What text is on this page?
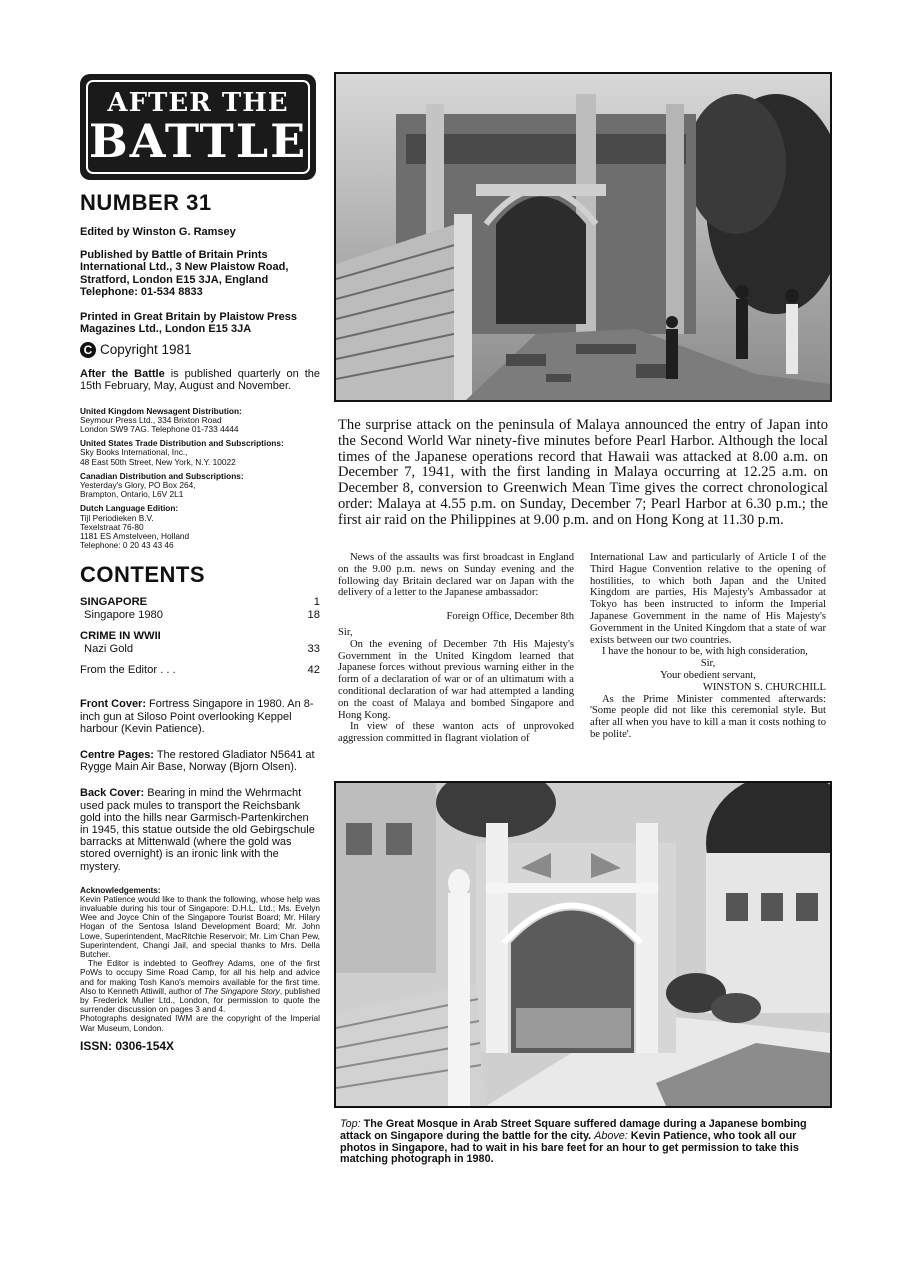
AFTER THE
BATTLE
NUMBER 31
Edited by Winston G. Ramsey
Published by Battle of Britain Prints International Ltd., 3 New Plaistow Road, Stratford, London E15 3JA, England Telephone: 01-534 8833
Printed in Great Britain by Plaistow Press Magazines Ltd., London E15 3JA
C Copyright 1981
After the Battle is published quarterly on the 15th February, May, August and November.
United Kingdom Newsagent Distribution:
Seymour Press Ltd., 334 Brixton Road
London SW9 7AG. Telephone 01-733 4444
United States Trade Distribution and Subscriptions:
Sky Books International, Inc.,
48 East 50th Street, New York, N.Y. 10022
Canadian Distribution and Subscriptions:
Yesterday's Glory, PO Box 264,
Brampton, Ontario, L6V 2L1
Dutch Language Edition:
Tijl Periodieken B.V.
Texelstraat 76-80
1181 ES Amstelveen, Holland
Telephone: 0 20 43 43 46
CONTENTS
SINGAPORE	1
Singapore 1980	18
CRIME IN WWII
Nazi Gold	33
From the Editor . . .	42
Front Cover: Fortress Singapore in 1980. An 8-inch gun at Siloso Point overlooking Keppel harbour (Kevin Patience).
Centre Pages: The restored Gladiator N5641 at Rygge Main Air Base, Norway (Bjorn Olsen).
Back Cover: Bearing in mind the Wehrmacht used pack mules to transport the Reichsbank gold into the hills near Garmisch-Partenkirchen in 1945, this statue outside the old Gebirgschule barracks at Mittenwald (where the gold was stored overnight) is an ironic link with the mystery.
Acknowledgements:

Kevin Patience would like to thank the following, whose help was invaluable during his tour of Singapore: D.H.L. Ltd.; Ms. Evelyn Wee and Joyce Chin of the Singapore Tourist Board; Mr. Hilary Hogan of the Sentosa Island Development Board; Mr. John Lowe, Superintendent, MacRitchie Reservoir; Mr. Lim Chan Pew, Superintendent, Changi Jail, and special thanks to Mrs. Della Butcher.

The Editor is indebted to Geoffrey Adams, one of the first PoWs to occupy Sime Road Camp, for all his help and advice and for making Tosh Kano's memoirs available for the first time. Also to Kenneth Attiwill, author of The Singapore Story, published by Frederick Muller Ltd., London, for permission to quote the surrender discussion on pages 3 and 4.

Photographs designated IWM are the copyright of the Imperial War Museum, London.

ISSN: 0306-154X
The surprise attack on the peninsula of Malaya announced the entry of Japan into the Second World War ninety-five minutes before Pearl Harbor. Although the local times of the Japanese operations record that Hawaii was attacked at 8.00 a.m. on December 7, 1941, with the first landing in Malaya occurring at 12.25 a.m. on December 8, conversion to Greenwich Mean Time gives the correct chronological order: Malaya at 4.55 p.m. on Sunday, December 7; Pearl Harbor at 6.30 p.m.; the first air raid on the Philippines at 9.00 p.m. and on Hong Kong at 11.30 p.m.

News of the assaults was first broadcast in England on the 9.00 p.m. news on Sunday evening and the following day Britain declared war on Japan with the delivery of a letter to the Japanese ambassador:

Foreign Office, December 8th

Sir,

On the evening of December 7th His Majesty's Government in the United Kingdom learned that Japanese forces without previous warning either in the form of a declaration of war or of an ultimatum with a conditional declaration of war had attempted a landing on the coast of Malaya and bombed Singapore and Hong Kong.

In view of these wanton acts of unprovoked aggression committed in flagrant violation of

International Law and particularly of Article I of the Third Hague Convention relative to the opening of hostilities, to which both Japan and the United Kingdom are parties, His Majesty's Ambassador at Tokyo has been instructed to inform the Imperial Japanese Government in the name of His Majesty's Government in the United Kingdom that a state of war exists between our two countries.

I have the honour to be, with high consideration,

Sir,

Your obedient servant,

WINSTON S. CHURCHILL

As the Prime Minister commented afterwards: 'Some people did not like this ceremonial style. But after all when you have to kill a man it costs nothing to be polite'.

Top: The Great Mosque in Arab Street Square suffered damage during a Japanese bombing attack on Singapore during the battle for the city. Above: Kevin Patience, who took all our photos in Singapore, had to wait in his bare feet for an hour to get permission to take this matching photograph in 1980.
